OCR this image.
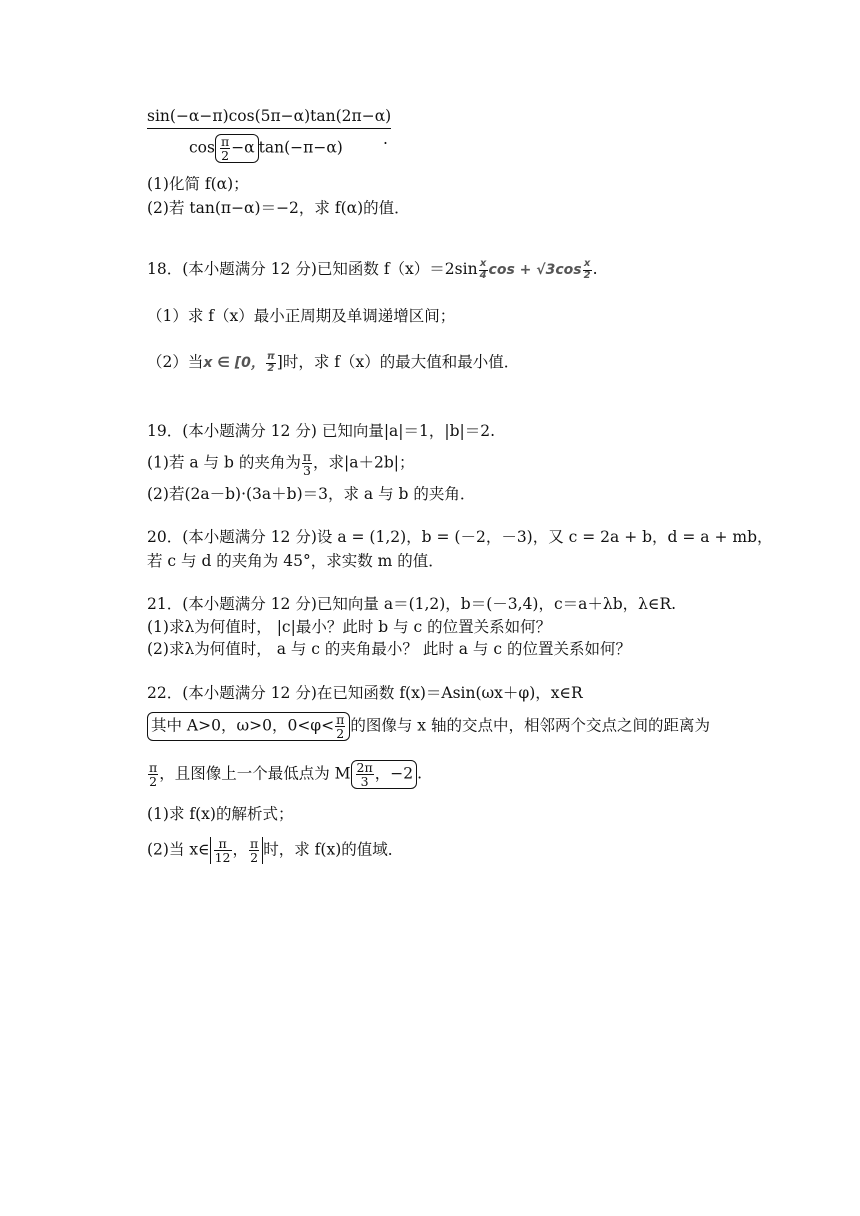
sin(−α−π)cos(5π−α)tan(2π−α)
.
$\cos \frac{\pi}{2} -\alpha$ tan(−π−α)
(1)化简 f(α)；
(2)若 tan(π−α)＝−2，求 f(α)的值．
18．(本小题满分 12 分)已知函数 $f(x)=2\sin \frac{x}{4}$ $\cos + √3\cos \frac{x}{2}$ .
（1）求 f（x）最小正周期及单调递增区间；
（2）当x ∈ [0， $\frac{\pi}{2}$ ]时，求 f（x）的最大值和最小值．
19．(本小题满分 12 分) 已知向量|a|＝1，|b|＝2.
(1)若 a 与 b 的夹角为 $\frac{\pi}{3}$ ，求|a＋2b|；
(2)若(2a－b)·(3a＋b)＝3，求 a 与 b 的夹角．
20．(本小题满分 12 分)设 a = (1,2)，b = (－2，－3)，又 c = 2a + b，d = a + mb，
若 c 与 d 的夹角为 45°，求实数 m 的值．
21．(本小题满分 12 分)已知向量 a＝(1,2)，b＝(－3,4)，c＝a＋λb，λ∈R.
(1)求λ为何值时， |c|最小？此时 b 与 c 的位置关系如何？
(2)求λ为何值时， a 与 c 的夹角最小？ 此时 a 与 c 的位置关系如何？
22．(本小题满分 12 分)在已知函数 f(x)＝Asin(ωx＋φ)，x∈R
其中 A>0，ω>0，$0<\varphi< \frac{\pi}{2}$ 的图像与 x 轴的交点中，相邻两个交点之间的距离为
$\frac{\pi}{2}$ ，且图像上一个最低点为 M $\frac{2\pi}{3}$ ，−2 .
(1)求 f(x)的解析式；
(2)当 x∈ $\frac{\pi}{12}$ ， $\frac{\pi}{2}$ 时，求 f(x)的值域．
